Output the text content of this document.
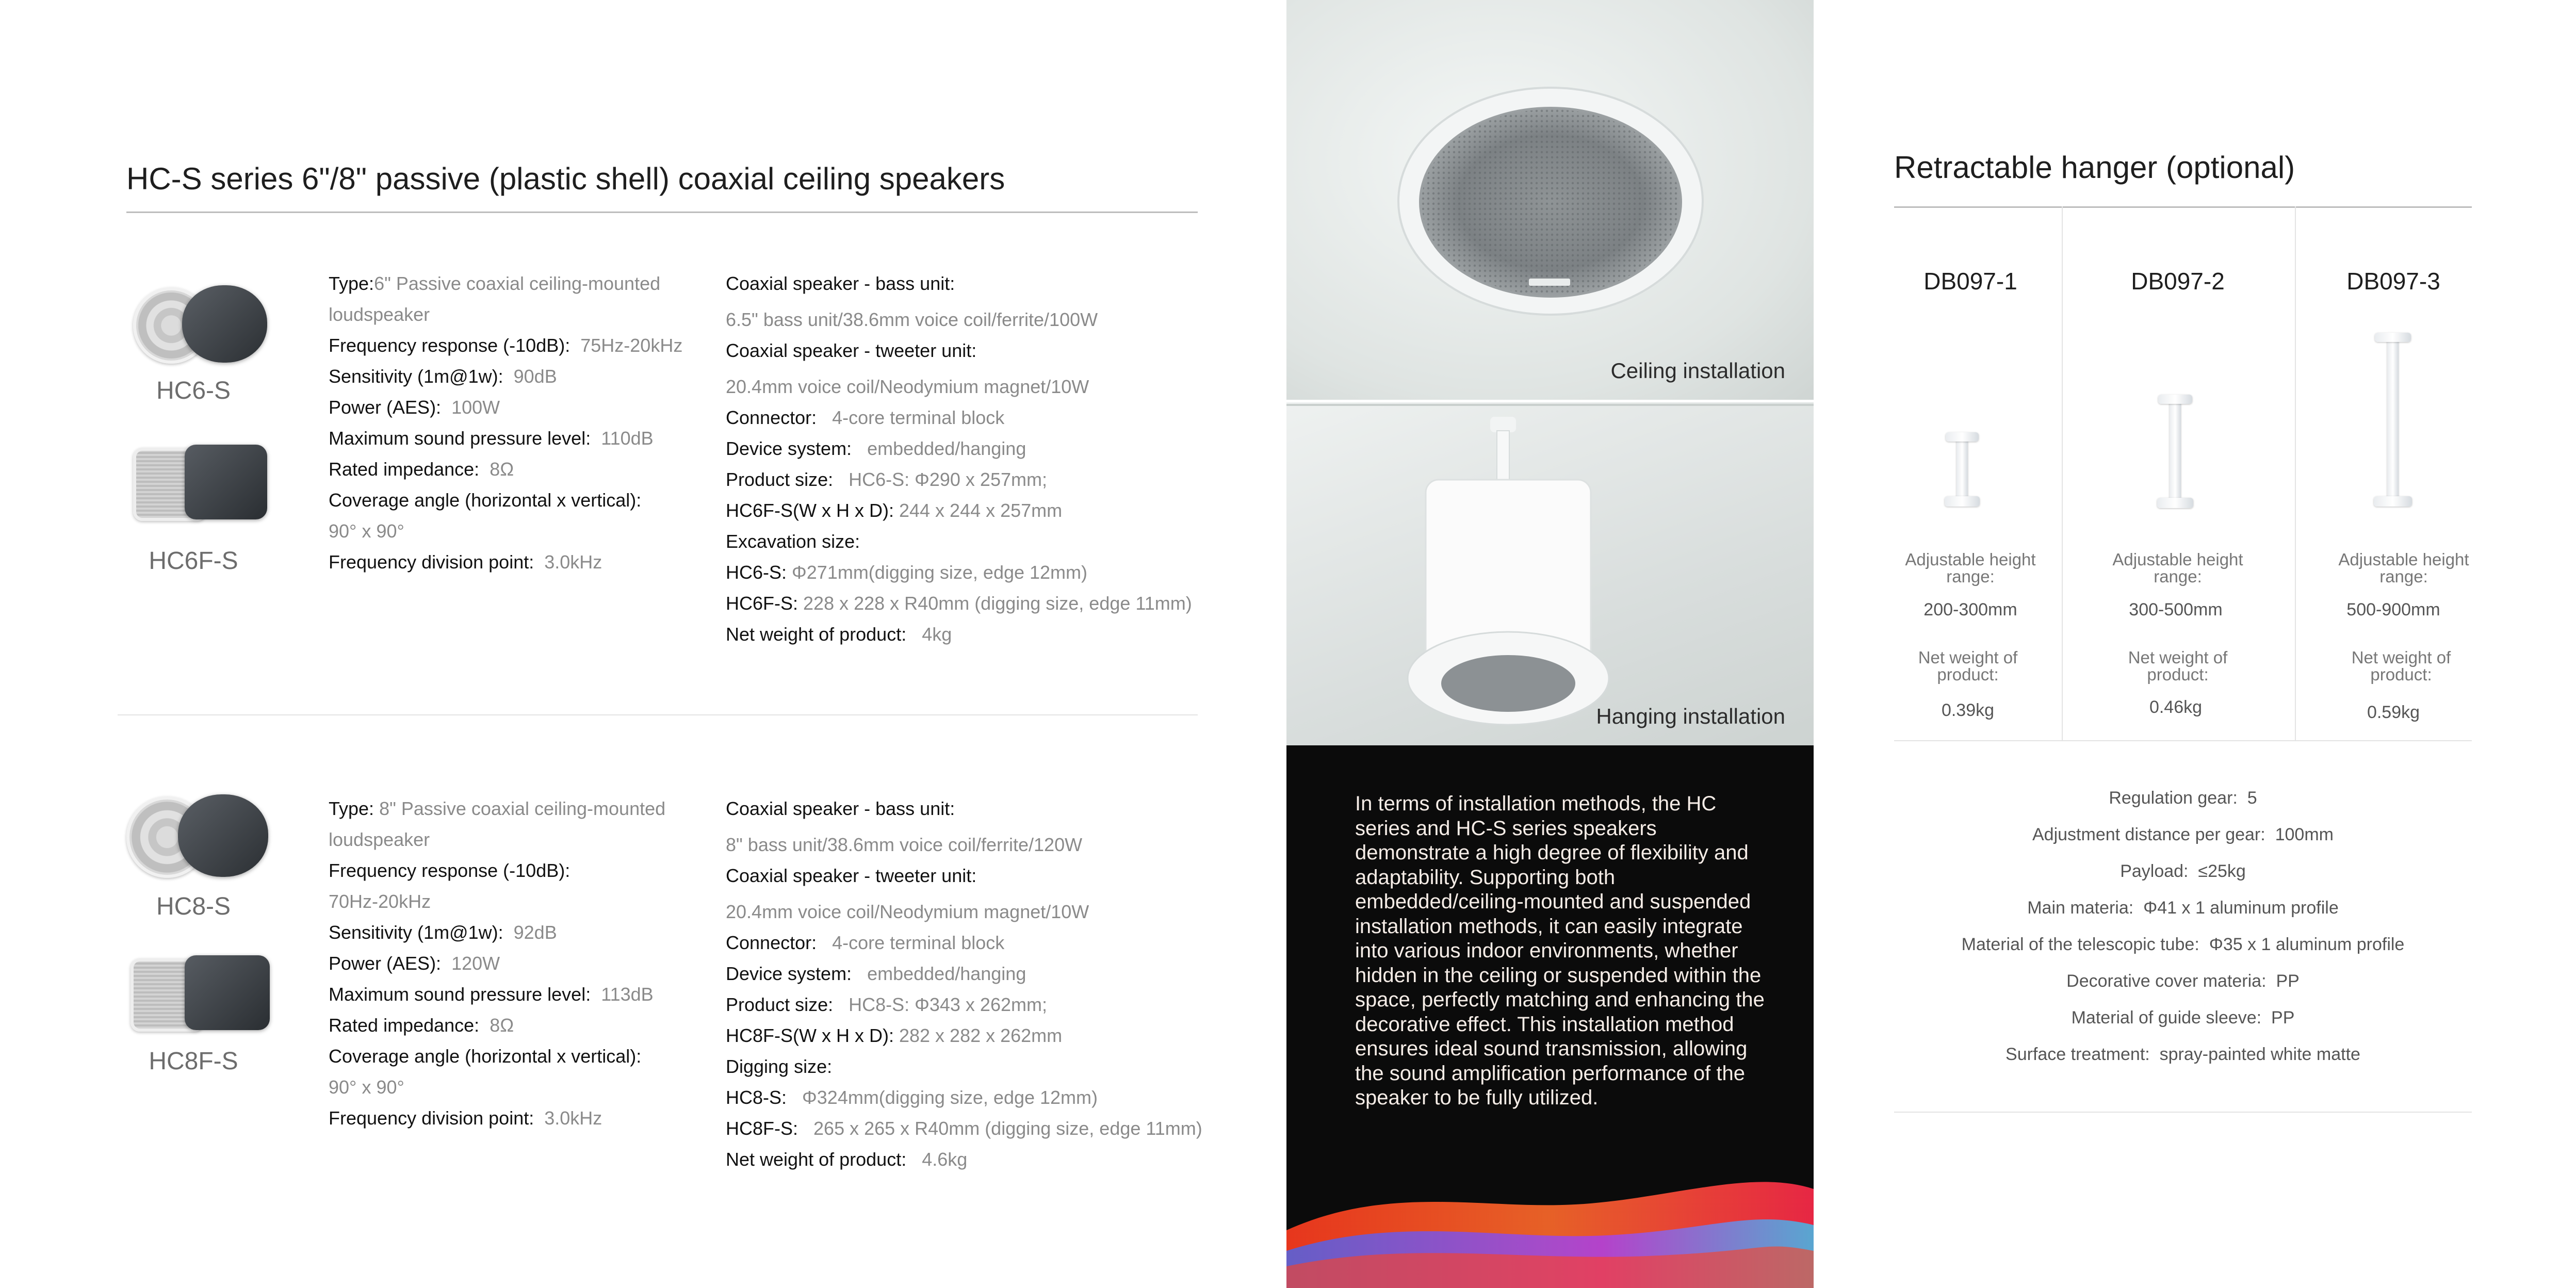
HC-S series 6"/8" passive (plastic shell) coaxial ceiling speakers
HC6-S
HC6F-S
Type:6" Passive coaxial ceiling-mounted
loudspeaker
Frequency response (-10dB): 75Hz-20kHz
Sensitivity (1m@1w): 90dB
Power (AES): 100W
Maximum sound pressure level: 110dB
Rated impedance: 8Ω
Coverage angle (horizontal x vertical):
90° x 90°
Frequency division point: 3.0kHz
Coaxial speaker - bass unit:
6.5" bass unit/38.6mm voice coil/ferrite/100W
Coaxial speaker - tweeter unit:
20.4mm voice coil/Neodymium magnet/10W
Connector: 4-core terminal block
Device system: embedded/hanging
Product size: HC6-S: Φ290 x 257mm;
HC6F-S(W x H x D): 244 x 244 x 257mm
Excavation size:
HC6-S: Φ271mm(digging size, edge 12mm)
HC6F-S: 228 x 228 x R40mm (digging size, edge 11mm)
Net weight of product: 4kg
HC8-S
HC8F-S
Type: 8" Passive coaxial ceiling-mounted
loudspeaker
Frequency response (-10dB):
70Hz-20kHz
Sensitivity (1m@1w): 92dB
Power (AES): 120W
Maximum sound pressure level: 113dB
Rated impedance: 8Ω
Coverage angle (horizontal x vertical):
90° x 90°
Frequency division point: 3.0kHz
Coaxial speaker - bass unit:
8" bass unit/38.6mm voice coil/ferrite/120W
Coaxial speaker - tweeter unit:
20.4mm voice coil/Neodymium magnet/10W
Connector: 4-core terminal block
Device system: embedded/hanging
Product size: HC8-S: Φ343 x 262mm;
HC8F-S(W x H x D): 282 x 282 x 262mm
Digging size:
HC8-S: Φ324mm(digging size, edge 12mm)
HC8F-S: 265 x 265 x R40mm (digging size, edge 11mm)
Net weight of product: 4.6kg
Ceiling installation
Hanging installation
In terms of installation methods, the HC series and HC-S series speakers demonstrate a high degree of flexibility and adaptability. Supporting both embedded/ceiling-mounted and suspended installation methods, it can easily integrate into various indoor environments, whether hidden in the ceiling or suspended within the space, perfectly matching and enhancing the decorative effect. This installation method ensures ideal sound transmission, allowing the sound amplification performance of the speaker to be fully utilized.
Retractable hanger (optional)
DB097-1
Adjustable height range:
200-300mm
Net weight of product:
0.39kg
DB097-2
Adjustable height range:
300-500mm
Net weight of product:
0.46kg
DB097-3
Adjustable height range:
500-900mm
Net weight of product:
0.59kg
Regulation gear: 5
Adjustment distance per gear: 100mm
Payload: ≤25kg
Main materia: Φ41 x 1 aluminum profile
Material of the telescopic tube: Φ35 x 1 aluminum profile
Decorative cover materia: PP
Material of guide sleeve: PP
Surface treatment: spray-painted white matte
